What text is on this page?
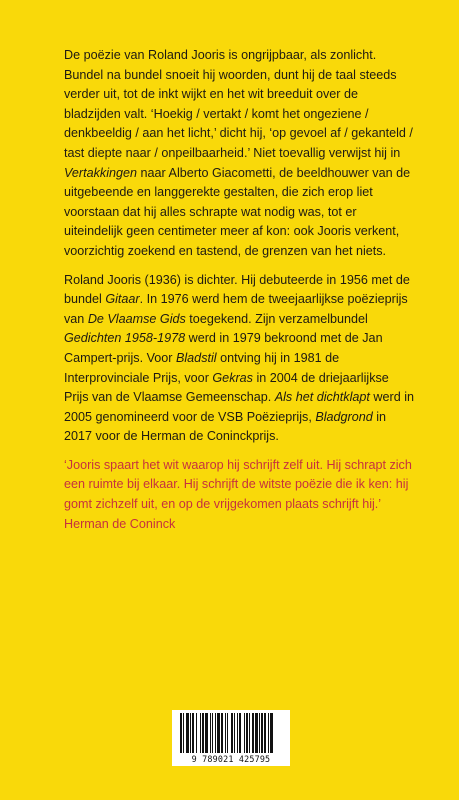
De poëzie van Roland Jooris is ongrijpbaar, als zonlicht. Bundel na bundel snoeit hij woorden, dunt hij de taal steeds verder uit, tot de inkt wijkt en het wit breeduit over de bladzijden valt. ‘Hoekig / vertakt / komt het ongeziene / denkbeeldig / aan het licht,’ dicht hij, ‘op gevoel af / gekanteld / tast diepte naar / onpeilbaarheid.’ Niet toevallig verwijst hij in Vertakkingen naar Alberto Giacometti, de beeldhouwer van de uitgebeende en langgerekte gestalten, die zich erop liet voorstaan dat hij alles schrapte wat nodig was, tot er uiteindelijk geen centimeter meer af kon: ook Jooris verkent, voorzichtig zoekend en tastend, de grenzen van het niets.

Roland Jooris (1936) is dichter. Hij debuteerde in 1956 met de bundel Gitaar. In 1976 werd hem de tweejaarlijkse poëzieprijs van De Vlaamse Gids toegekend. Zijn verzamelbundel Gedichten 1958-1978 werd in 1979 bekroond met de Jan Campert-prijs. Voor Bladstil ontving hij in 1981 de Interprovinciale Prijs, voor Gekras in 2004 de driejaarlijkse Prijs van de Vlaamse Gemeenschap. Als het dichtklapt werd in 2005 genomineerd voor de VSB Poëzieprijs, Bladgrond in 2017 voor de Herman de Coninckprijs.

‘Jooris spaart het wit waarop hij schrijft zelf uit. Hij schrapt zich een ruimte bij elkaar. Hij schrijft de witste poëzie die ik ken: hij gomt zichzelf uit, en op de vrijgekomen plaats schrijft hij.’ Herman de Coninck

9 789021 425795
